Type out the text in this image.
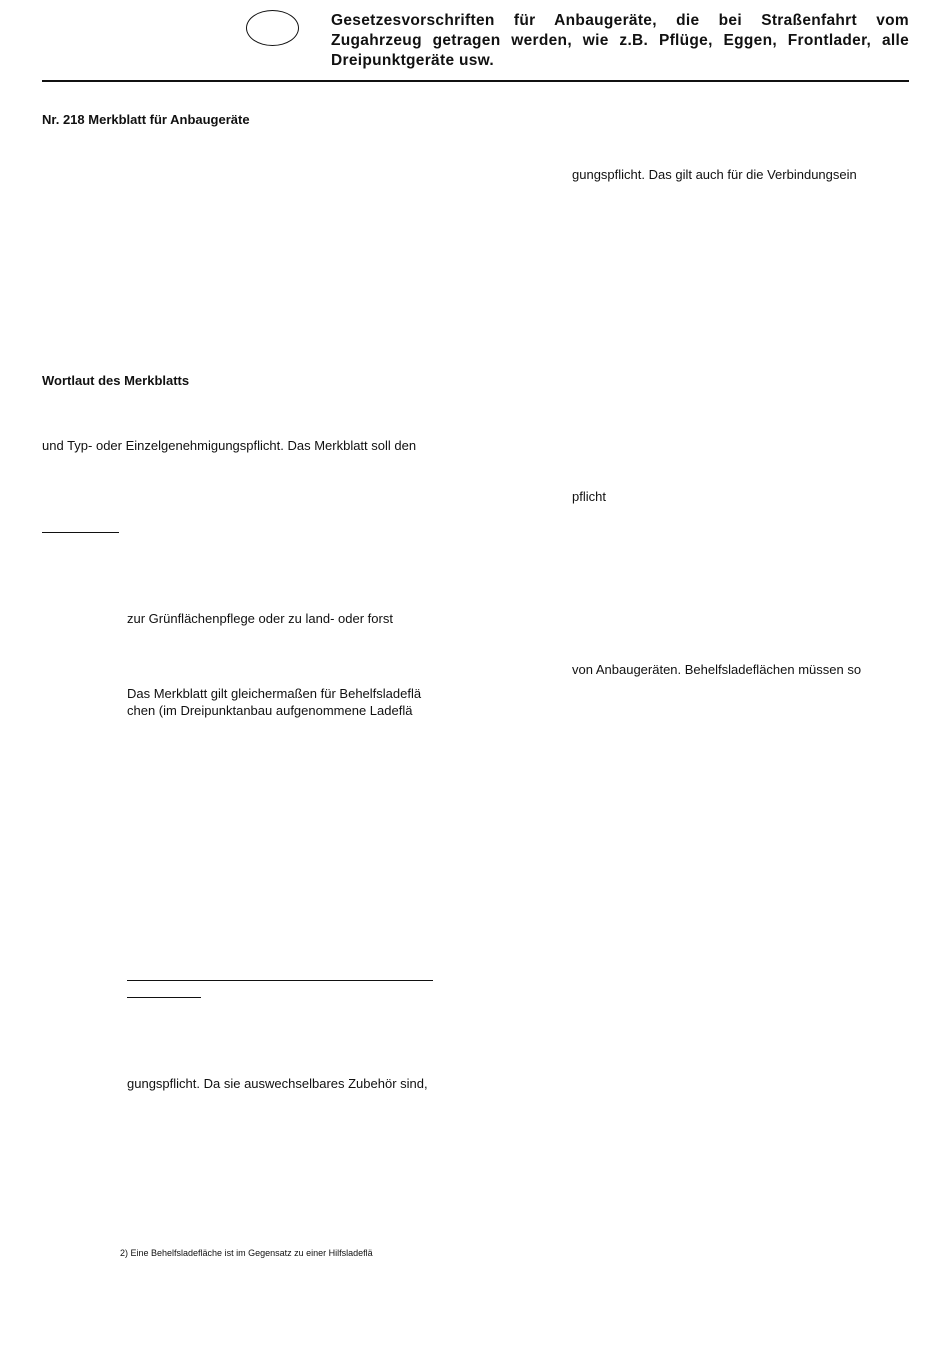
Gesetzesvorschriften für Anbaugeräte, die bei Straßenfahrt vom Zugahrzeug getragen werden, wie z.B. Pflüge, Eggen, Frontlader, alle Dreipunktgeräte usw.
Nr. 218 Merkblatt für Anbaugeräte
Wortlaut des Merkblatts
und Typ- oder Einzelgenehmigungspflicht. Das Merkblatt soll den
zur Grünflächenpflege oder zu land- oder forst
Das Merkblatt gilt gleichermaßen für Behelfsladeflä
chen (im Dreipunktanbau aufgenommene Ladeflä
gungspflicht. Da sie auswechselbares Zubehör sind,
2) Eine Behelfsladefläche ist im Gegensatz zu einer Hilfsladeflä
gungspflicht. Das gilt auch für die Verbindungsein
pflicht
von Anbaugeräten. Behelfsladeflächen müssen so
